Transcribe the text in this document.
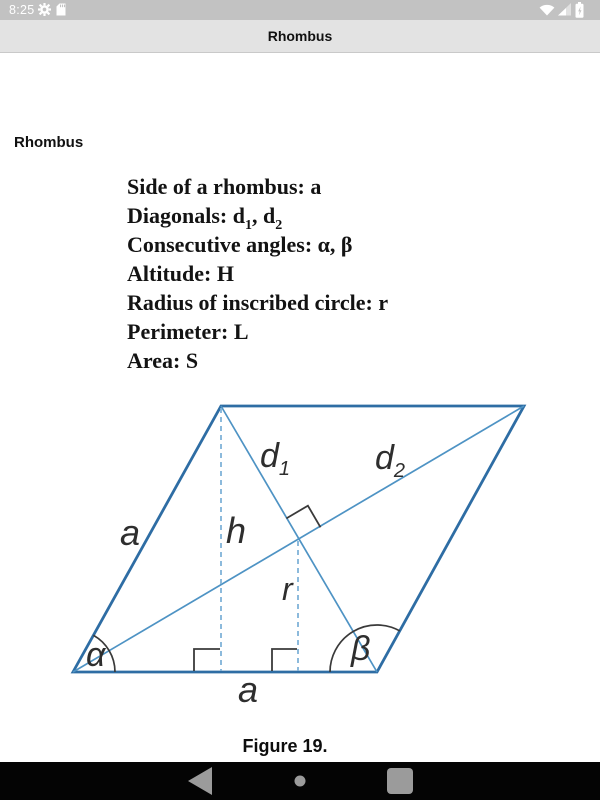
8:25
Rhombus
Rhombus
Side of a rhombus: a
Diagonals: $d_1$, $d_2$
Consecutive angles: α, β
Altitude: H
Radius of inscribed circle: r
Perimeter: L
Area: S
a h
$d_1$ $d_2$
r
α	β
a
Figure 19.
